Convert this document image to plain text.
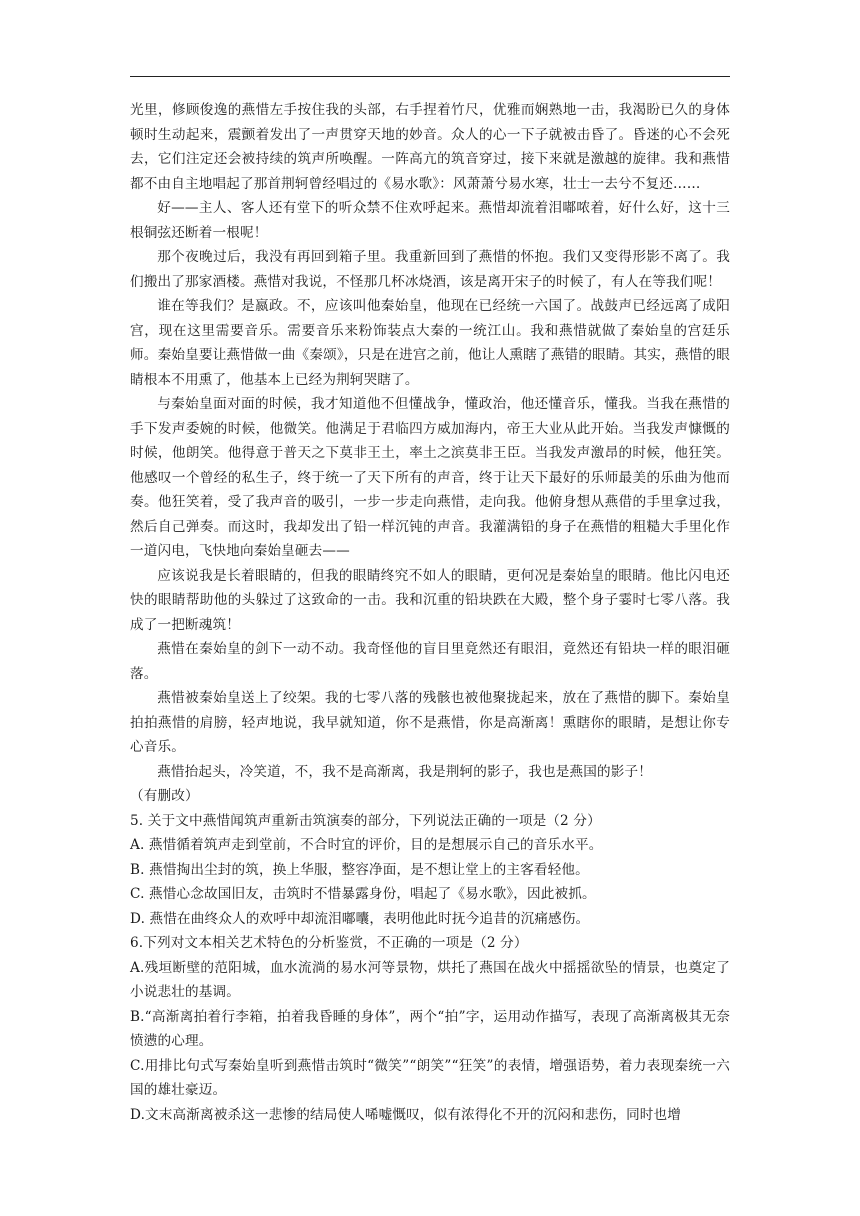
光里，修顾俊逸的燕惜左手按住我的头部，右手捏着竹尺，优雅而娴熟地一击，我渴盼已久的身体顿时生动起来，震颤着发出了一声贯穿天地的妙音。众人的心一下子就被击昏了。昏迷的心不会死去，它们注定还会被持续的筑声所唤醒。一阵高亢的筑音穿过，接下来就是激越的旋律。我和燕惜都不由自主地唱起了那首荆轲曾经唱过的《易水歌》：风萧萧兮易水寒，壮士一去兮不复还……

好——主人、客人还有堂下的听众禁不住欢呼起来。燕惜却流着泪嘟哝着，好什么好，这十三根铜弦还断着一根呢！

那个夜晚过后，我没有再回到箱子里。我重新回到了燕惜的怀抱。我们又变得形影不离了。我们搬出了那家酒楼。燕惜对我说，不怪那几杯冰烧酒，该是离开宋子的时候了，有人在等我们呢！

谁在等我们？是嬴政。不，应该叫他秦始皇，他现在已经统一六国了。战鼓声已经远离了成阳宫，现在这里需要音乐。需要音乐来粉饰装点大秦的一统江山。我和燕惜就做了秦始皇的宫廷乐师。秦始皇要让燕惜做一曲《秦颂》，只是在进宫之前，他让人熏瞎了燕错的眼睛。其实，燕惜的眼睛根本不用熏了，他基本上已经为荆轲哭瞎了。

与秦始皇面对面的时候，我才知道他不但懂战争，懂政治，他还懂音乐，懂我。当我在燕惜的手下发声委婉的时候，他微笑。他满足于君临四方威加海内，帝王大业从此开始。当我发声慷慨的时候，他朗笑。他得意于普天之下莫非王土，率土之滨莫非王臣。当我发声激昂的时候，他狂笑。他感叹一个曾经的私生子，终于统一了天下所有的声音，终于让天下最好的乐师最美的乐曲为他而奏。他狂笑着，受了我声音的吸引，一步一步走向燕惜，走向我。他俯身想从燕借的手里拿过我，然后自己弹奏。而这时，我却发出了铅一样沉钝的声音。我灌满铅的身子在燕惜的粗糙大手里化作一道闪电，飞快地向秦始皇砸去——

应该说我是长着眼睛的，但我的眼睛终究不如人的眼睛，更何况是秦始皇的眼睛。他比闪电还快的眼睛帮助他的头躲过了这致命的一击。我和沉重的铅块跌在大殿，整个身子霎时七零八落。我成了一把断魂筑！

燕惜在秦始皇的剑下一动不动。我奇怪他的盲目里竟然还有眼泪，竟然还有铅块一样的眼泪砸落。

燕惜被秦始皇送上了绞架。我的七零八落的残骸也被他聚拢起来，放在了燕惜的脚下。秦始皇拍拍燕惜的肩膀，轻声地说，我早就知道，你不是燕惜，你是高渐离！熏瞎你的眼睛，是想让你专心音乐。

燕惜抬起头，冷笑道，不，我不是高渐离，我是荆轲的影子，我也是燕国的影子！

（有删改）

5. 关于文中燕惜闻筑声重新击筑演奏的部分，下列说法正确的一项是（2 分）

A. 燕惜循着筑声走到堂前，不合时宜的评价，目的是想展示自己的音乐水平。

B. 燕惜掏出尘封的筑，换上华服，整容净面，是不想让堂上的主客看轻他。

C. 燕惜心念故国旧友，击筑时不惜暴露身份，唱起了《易水歌》，因此被抓。

D. 燕惜在曲终众人的欢呼中却流泪嘟囔，表明他此时抚今追昔的沉痛感伤。

6.下列对文本相关艺术特色的分析鉴赏，不正确的一项是（2 分）

A.残垣断壁的范阳城，血水流淌的易水河等景物，烘托了燕国在战火中摇摇欲坠的情景，也奠定了小说悲壮的基调。

B.“高渐离拍着行李箱，拍着我昏睡的身体”，两个“拍”字，运用动作描写，表现了高渐离极其无奈愤懑的心理。

C.用排比句式写秦始皇听到燕惜击筑时“微笑”“朗笑”“狂笑”的表情，增强语势，着力表现秦统一六国的雄壮豪迈。

D.文末高渐离被杀这一悲惨的结局使人唏嘘慨叹，似有浓得化不开的沉闷和悲伤，同时也增
